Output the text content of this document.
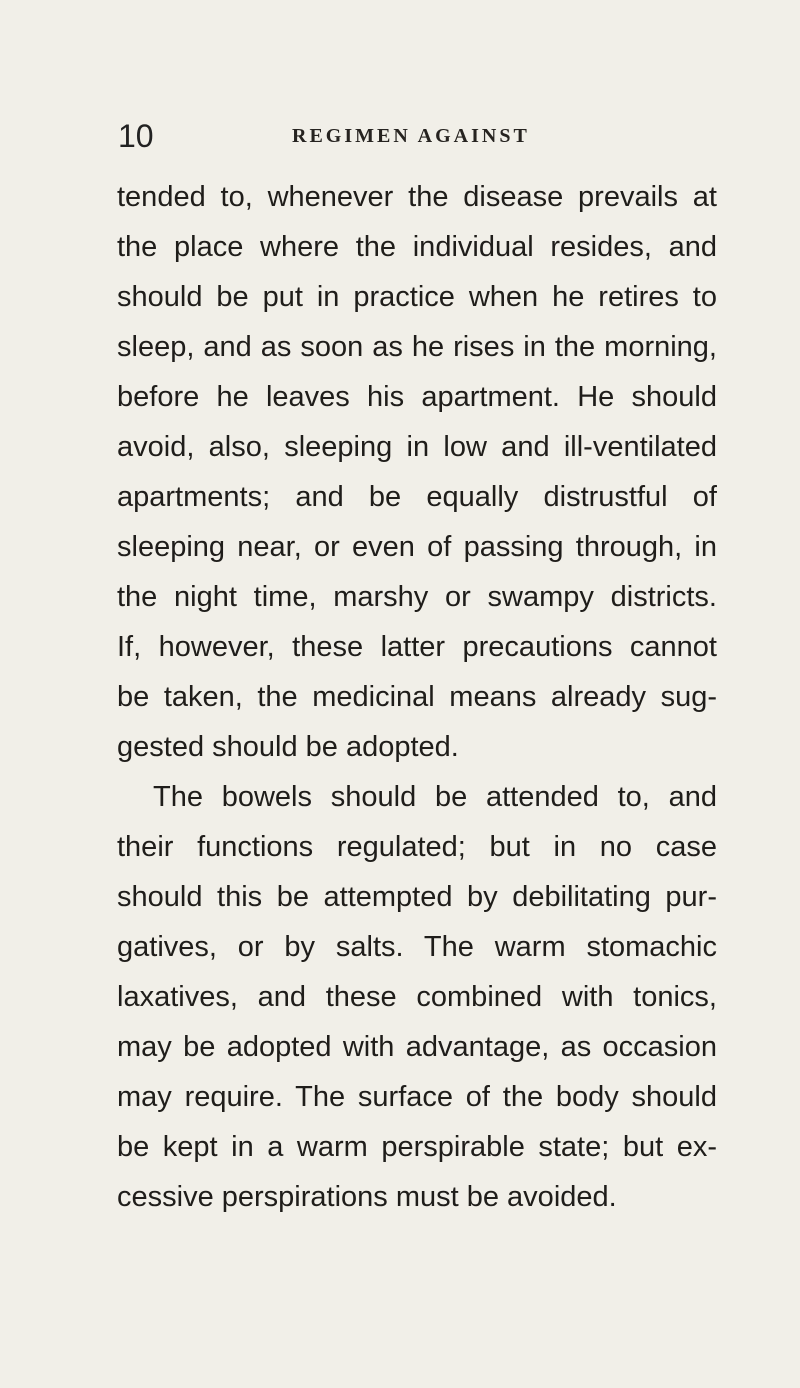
10	REGIMEN AGAINST
tended to, whenever the disease prevails at
the place where the individual resides, and
should be put in practice when he retires to
sleep, and as soon as he rises in the morning,
before he leaves his apartment. He should
avoid, also, sleeping in low and ill-ventilated
apartments; and be equally distrustful of
sleeping near, or even of passing through, in
the night time, marshy or swampy districts.
If, however, these latter precautions cannot
be taken, the medicinal means already sug-
gested should be adopted.
The bowels should be attended to, and
their functions regulated; but in no case
should this be attempted by debilitating pur-
gatives, or by salts. The warm stomachic
laxatives, and these combined with tonics,
may be adopted with advantage, as occasion
may require. The surface of the body should
be kept in a warm perspirable state; but ex-
cessive perspirations must be avoided.
